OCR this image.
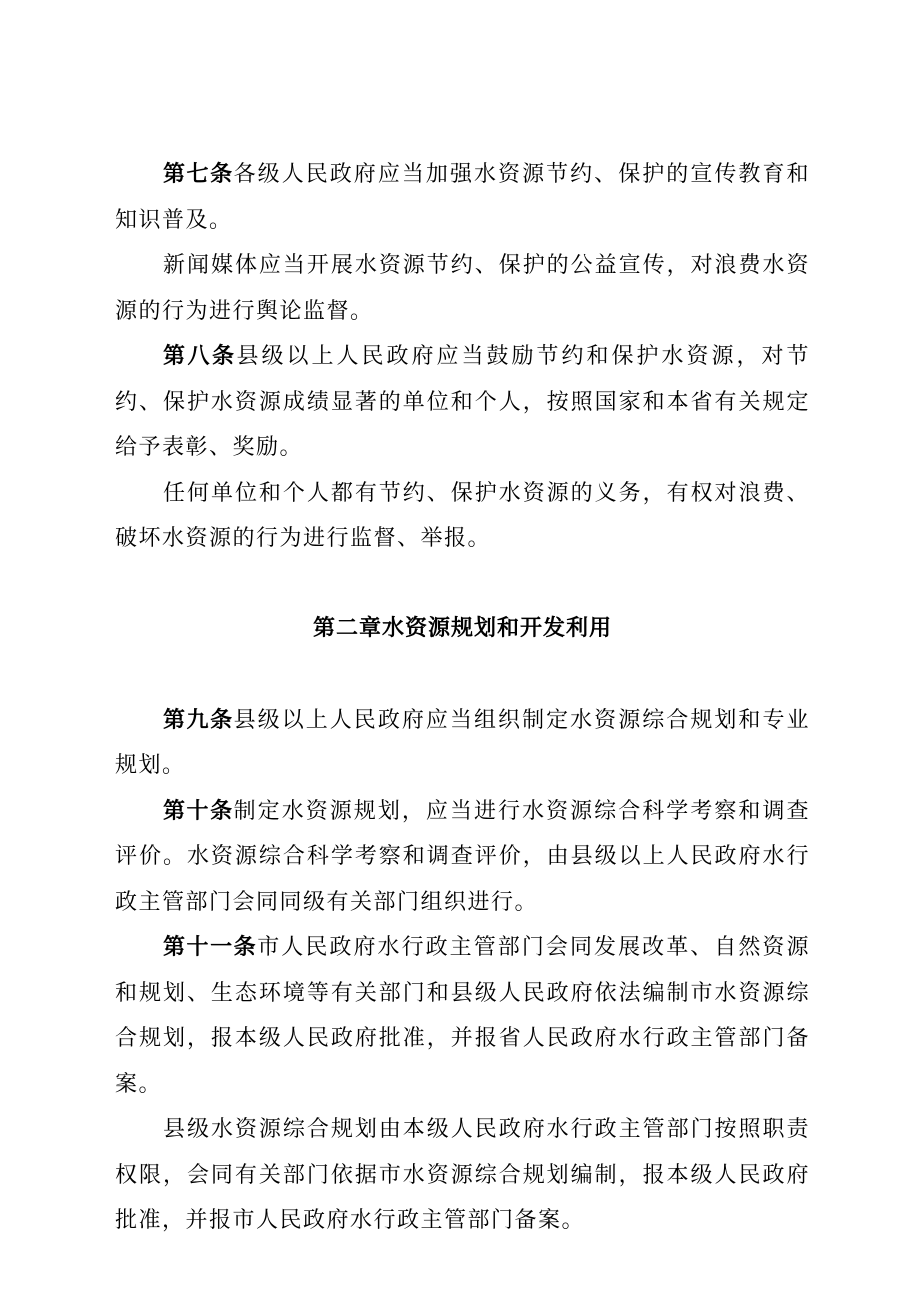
第七条各级人民政府应当加强水资源节约、保护的宣传教育和知识普及。

新闻媒体应当开展水资源节约、保护的公益宣传，对浪费水资源的行为进行舆论监督。

第八条县级以上人民政府应当鼓励节约和保护水资源，对节约、保护水资源成绩显著的单位和个人，按照国家和本省有关规定给予表彰、奖励。

任何单位和个人都有节约、保护水资源的义务，有权对浪费、破坏水资源的行为进行监督、举报。

第二章水资源规划和开发利用

第九条县级以上人民政府应当组织制定水资源综合规划和专业规划。

第十条制定水资源规划，应当进行水资源综合科学考察和调查评价。水资源综合科学考察和调查评价，由县级以上人民政府水行政主管部门会同同级有关部门组织进行。

第十一条市人民政府水行政主管部门会同发展改革、自然资源和规划、生态环境等有关部门和县级人民政府依法编制市水资源综合规划，报本级人民政府批准，并报省人民政府水行政主管部门备案。

县级水资源综合规划由本级人民政府水行政主管部门按照职责权限，会同有关部门依据市水资源综合规划编制，报本级人民政府批准，并报市人民政府水行政主管部门备案。
